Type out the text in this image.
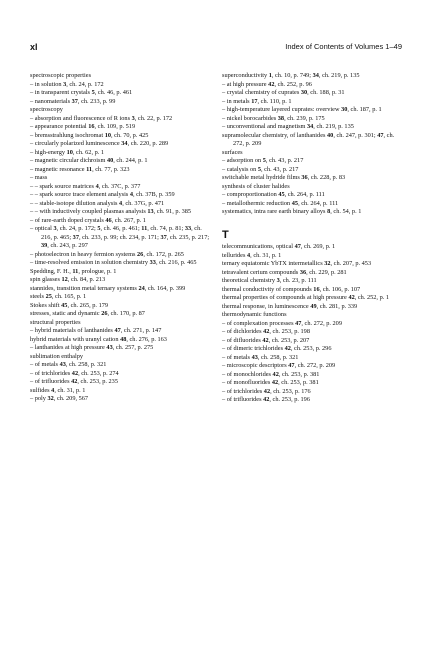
xl	Index of Contents of Volumes 1–49
spectroscopic properties
– in solution 3, ch. 24, p. 172
– in transparent crystals 5, ch. 46, p. 461
– nanomaterials 37, ch. 233, p. 99
spectroscopy
– absorption and fluorescence of R ions 3, ch. 22, p. 172
– appearance potential 16, ch. 109, p. 519
– bremsstrahlung isochromat 10, ch. 70, p. 425
– circularly polarized luminescence 34, ch. 220, p. 289
– high-energy 10, ch. 62, p. 1
– magnetic circular dichroism 40, ch. 244, p. 1
– magnetic resonance 11, ch. 77, p. 323
– mass
– – spark source matrices 4, ch. 37C, p. 377
– – spark source trace element analysis 4, ch. 37B, p. 359
– – stable-isotope dilution analysis 4, ch. 37G, p. 471
– – with inductively coupled plasmas analysis 13, ch. 91, p. 385
– of rare-earth doped crystals 46, ch. 267, p. 1
– optical 3, ch. 24, p. 172; 5, ch. 46, p. 461; 11, ch. 74, p. 81; 33, ch. 216, p. 465; 37, ch. 233, p. 99; ch. 234, p. 171; 37, ch. 235, p. 217; 39, ch. 243, p. 297
– photoelectron in heavy fermion systems 26, ch. 172, p. 265
– time-resolved emission in solution chemistry 33, ch. 216, p. 465
Spedding, F. H., 11, prologue, p. 1
spin glasses 12, ch. 84, p. 213
stannides, transition metal ternary systems 24, ch. 164, p. 399
steels 25, ch. 165, p. 1
Stokes shift 45, ch. 265, p. 179
stresses, static and dynamic 26, ch. 170, p. 87
structural properties
– hybrid materials of lanthanides 47, ch. 271, p. 147
hybrid materials with uranyl cation 48, ch. 276, p. 163
– lanthanides at high pressure 43, ch. 257, p. 275
sublimation enthalpy
– of metals 43, ch. 258, p. 321
– of trichlorides 42, ch. 253, p. 274
– of trifluorides 42, ch. 253, p. 235
sulfides 4, ch. 31, p. 1
– poly 32, ch. 209, 567
superconductivity 1, ch. 10, p. 749; 34, ch. 219, p. 135
– at high pressure 42, ch. 252, p. 96
– crystal chemistry of cuprates 30, ch. 188, p. 31
– in metals 17, ch. 110, p. 1
– high-temperature layered cuprates: overview 30, ch. 187, p. 1
– nickel borocarbides 38, ch. 239, p. 175
– unconventional and magnetism 34, ch. 219, p. 135
supramolecular chemistry, of lanthanides 40, ch. 247, p. 301; 47, ch. 272, p. 209
surfaces
– adsorption on 5, ch. 43, p. 217
– catalysis on 5, ch. 43, p. 217
switchable metal hydride films 36, ch. 228, p. 83
synthesis of cluster halides
– comproportionation 45, ch. 264, p. 111
– metallothermic reduction 45, ch. 264, p. 111
systematics, intra rare earth binary alloys 8, ch. 54, p. 1
T
telecommunications, optical 47, ch. 269, p. 1
tellurides 4, ch. 31, p. 1
ternary equiatomic YbTX intermetallics 32, ch. 207, p. 453
tetravalent cerium compounds 36, ch. 229, p. 281
theoretical chemistry 3, ch. 23, p. 111
thermal conductivity of compounds 16, ch. 106, p. 107
thermal properties of compounds at high pressure 42, ch. 252, p. 1
thermal response, in luminescence 49, ch. 281, p. 339
thermodynamic functions
– of complexation processes 47, ch. 272, p. 209
– of dichlorides 42, ch. 253, p. 198
– of difluorides 42, ch. 253, p. 207
– of dimeric trichlorides 42, ch. 253, p. 296
– of metals 43, ch. 258, p. 321
– microscopic descriptors 47, ch. 272, p. 209
– of monochlorides 42, ch. 253, p. 381
– of monofluorides 42, ch. 253, p. 381
– of trichlorides 42, ch. 253, p. 176
– of trifluorides 42, ch. 253, p. 196
